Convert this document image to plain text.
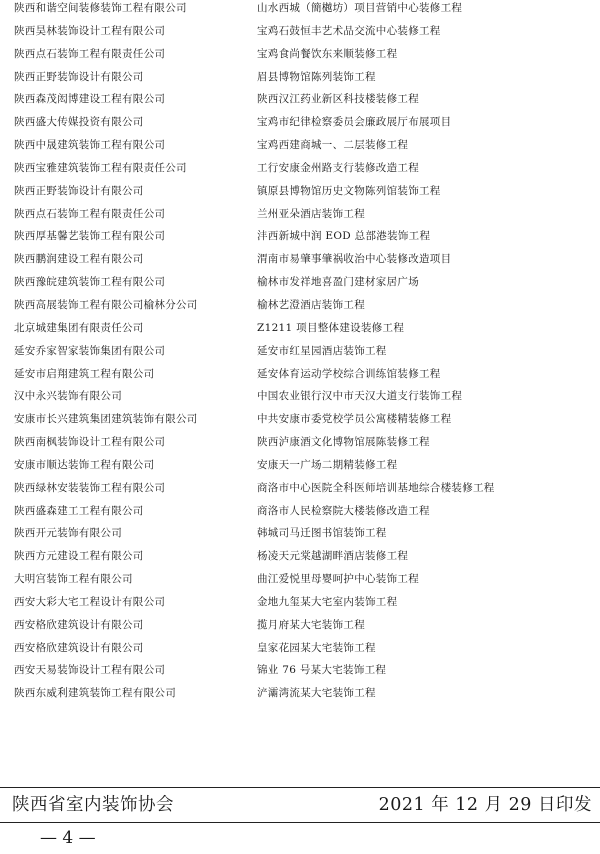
陕西和谐空间装修装饰工程有限公司	山水西城（簡樾坊）项目营销中心装修工程
陕西昊林装饰设计工程有限公司	宝鸡石鼓恒丰艺术品交流中心装修工程
陕西点石装饰工程有限责任公司	宝鸡食尚餐饮东来顺装修工程
陕西正野装饰设计有限公司	眉县博物馆陈列装饰工程
陕西森茂闳博建设工程有限公司	陕西汉江药业新区科技楼装修工程
陕西盛大传媒投资有限公司	宝鸡市纪律检察委员会廉政展厅布展项目
陕西中晟建筑装饰工程有限公司	宝鸡西建商城一、二层装修工程
陕西宝雅建筑装饰工程有限责任公司	工行安康金州路支行装修改造工程
陕西正野装饰设计有限公司	镇原县博物馆历史文物陈列馆装饰工程
陕西点石装饰工程有限责任公司	兰州亚朵酒店装饰工程
陕西厚基馨艺装饰工程有限公司	沣西新城中润 EOD 总部港装饰工程
陕西鹏润建设工程有限公司	渭南市易肇事肇祸收治中心装修改造项目
陕西豫皖建筑装饰工程有限公司	榆林市发祥地喜盈门建材家居广场
陕西高展装饰工程有限公司榆林分公司	榆林艺澄酒店装饰工程
北京城建集团有限责任公司	Z1211 项目整体建设装修工程
延安乔家智家装饰集团有限公司	延安市红星园酒店装饰工程
延安市启翔建筑工程有限公司	延安体育运动学校综合训练馆装修工程
汉中永兴装饰有限公司	中国农业银行汉中市天汉大道支行装饰工程
安康市长兴建筑集团建筑装饰有限公司	中共安康市委党校学员公寓楼精装修工程
陕西南枫装饰设计工程有限公司	陕西泸康酒文化博物馆展陈装修工程
安康市顺达装饰工程有限公司	安康天一广场二期精装修工程
陕西绿林安装装饰工程有限公司	商洛市中心医院全科医师培训基地综合楼装修工程
陕西盛森建工工程有限公司	商洛市人民检察院大楼装修改造工程
陕西开元装饰有限公司	韩城司马迁图书馆装饰工程
陕西方元建设工程有限公司	杨凌天元棠越湖畔酒店装修工程
大明宫装饰工程有限公司	曲江爱悦里母婴呵护中心装饰工程
西安大彩大宅工程设计有限公司	金地九玺某大宅室内装饰工程
西安格欣建筑设计有限公司	揽月府某大宅装饰工程
西安格欣建筑设计有限公司	皇家花园某大宅装饰工程
西安天易装饰设计工程有限公司	锦业 76 号某大宅装饰工程
陕西东威利建筑装饰工程有限公司	浐灞湾流某大宅装饰工程
陕西省室内装饰协会	2021 年 12 月 29 日印发
— 4 —
